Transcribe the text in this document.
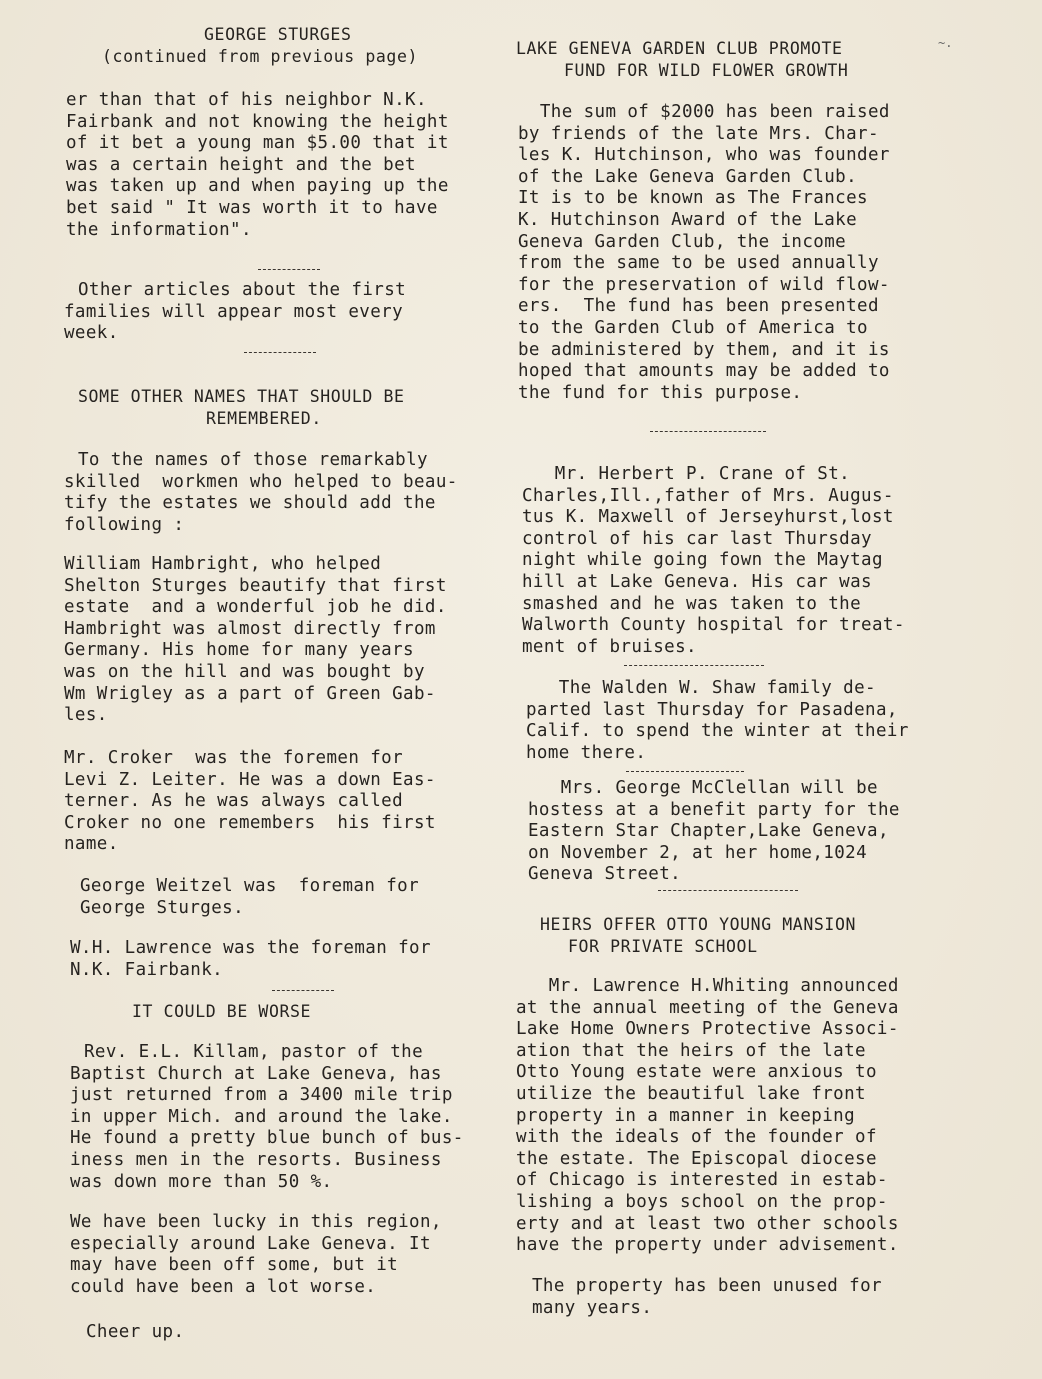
~.
GEORGE STURGES
(continued from previous page)
er than that of his neighbor N.K.
Fairbank and not knowing the height
of it bet a young man $5.00 that it
was a certain height and the bet
was taken up and when paying up the
bet said " It was worth it to have
the information".
Other articles about the first
families will appear most every
week.
SOME OTHER NAMES THAT SHOULD BE
REMEMBERED.
To the names of those remarkably
skilled  workmen who helped to beau-
tify the estates we should add the
following :
William Hambright, who helped
Shelton Sturges beautify that first
estate  and a wonderful job he did.
Hambright was almost directly from
Germany. His home for many years
was on the hill and was bought by
Wm Wrigley as a part of Green Gab-
les.
Mr. Croker  was the foremen for
Levi Z. Leiter. He was a down Eas-
terner. As he was always called
Croker no one remembers  his first
name.
George Weitzel was  foreman for
George Sturges.
W.H. Lawrence was the foreman for
N.K. Fairbank.
IT COULD BE WORSE
Rev. E.L. Killam, pastor of the
Baptist Church at Lake Geneva, has
just returned from a 3400 mile trip
in upper Mich. and around the lake.
He found a pretty blue bunch of bus-
iness men in the resorts. Business
was down more than 50 %.
We have been lucky in this region,
especially around Lake Geneva. It
may have been off some, but it
could have been a lot worse.
Cheer up.
LAKE GENEVA GARDEN CLUB PROMOTE
FUND FOR WILD FLOWER GROWTH
The sum of $2000 has been raised
by friends of the late Mrs. Char-
les K. Hutchinson, who was founder
of the Lake Geneva Garden Club.
It is to be known as The Frances
K. Hutchinson Award of the Lake
Geneva Garden Club, the income
from the same to be used annually
for the preservation of wild flow-
ers.  The fund has been presented
to the Garden Club of America to
be administered by them, and it is
hoped that amounts may be added to
the fund for this purpose.
Mr. Herbert P. Crane of St.
Charles,Ill.,father of Mrs. Augus-
tus K. Maxwell of Jerseyhurst,lost
control of his car last Thursday
night while going fown the Maytag
hill at Lake Geneva. His car was
smashed and he was taken to the
Walworth County hospital for treat-
ment of bruises.
The Walden W. Shaw family de-
parted last Thursday for Pasadena,
Calif. to spend the winter at their
home there.
Mrs. George McClellan will be
hostess at a benefit party for the
Eastern Star Chapter,Lake Geneva,
on November 2, at her home,1024
Geneva Street.
HEIRS OFFER OTTO YOUNG MANSION
FOR PRIVATE SCHOOL
Mr. Lawrence H.Whiting announced
at the annual meeting of the Geneva
Lake Home Owners Protective Associ-
ation that the heirs of the late
Otto Young estate were anxious to
utilize the beautiful lake front
property in a manner in keeping
with the ideals of the founder of
the estate. The Episcopal diocese
of Chicago is interested in estab-
lishing a boys school on the prop-
erty and at least two other schools
have the property under advisement.
The property has been unused for
many years.
